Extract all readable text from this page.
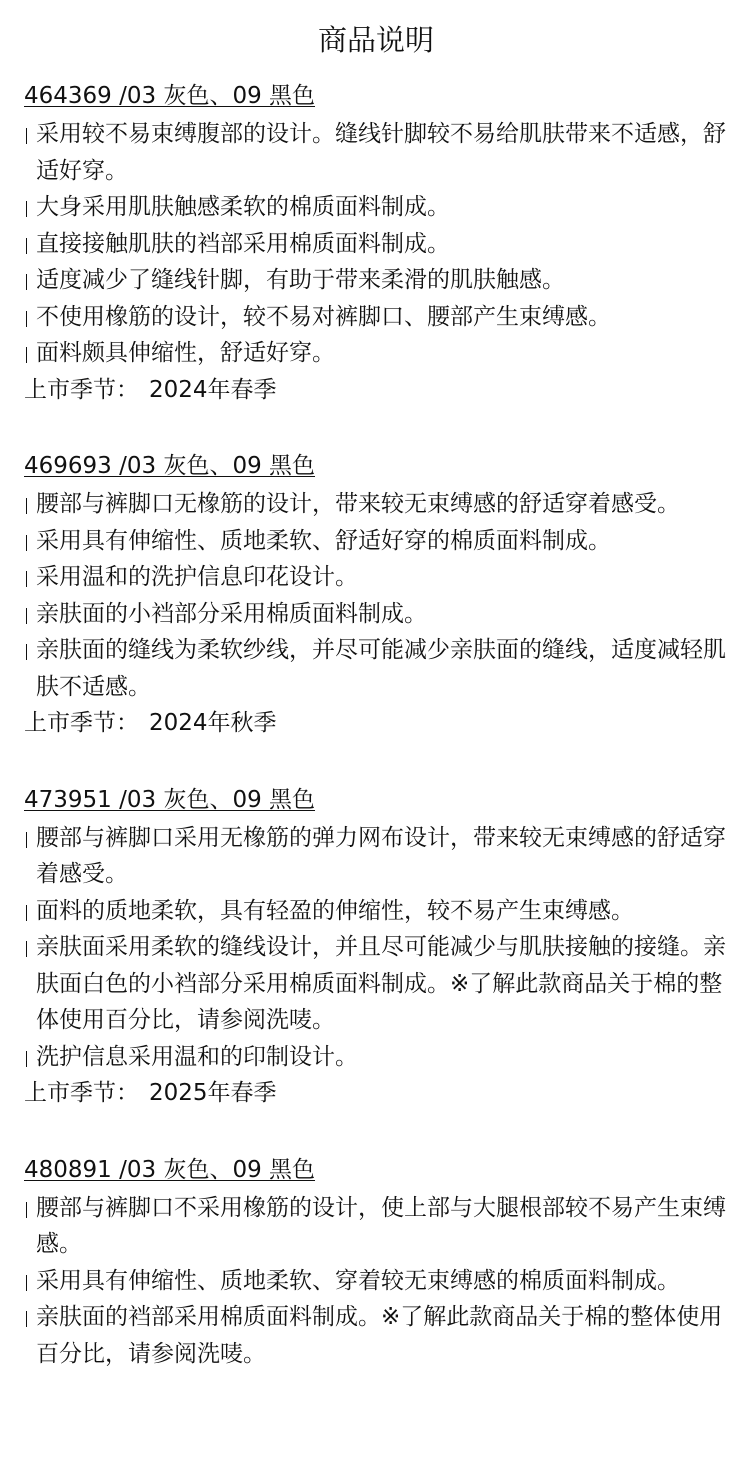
商品说明
464369 /03 灰色、09 黑色
采用较不易束缚腹部的设计。缝线针脚较不易给肌肤带来不适感，舒适好穿。
大身采用肌肤触感柔软的棉质面料制成。
直接接触肌肤的裆部采用棉质面料制成。
适度减少了缝线针脚，有助于带来柔滑的肌肤触感。
不使用橡筋的设计，较不易对裤脚口、腰部产生束缚感。
面料颇具伸缩性，舒适好穿。
上市季节： 2024年春季
469693 /03 灰色、09 黑色
腰部与裤脚口无橡筋的设计，带来较无束缚感的舒适穿着感受。
采用具有伸缩性、质地柔软、舒适好穿的棉质面料制成。
采用温和的洗护信息印花设计。
亲肤面的小裆部分采用棉质面料制成。
亲肤面的缝线为柔软纱线，并尽可能减少亲肤面的缝线，适度减轻肌肤不适感。
上市季节： 2024年秋季
473951 /03 灰色、09 黑色
腰部与裤脚口采用无橡筋的弹力网布设计，带来较无束缚感的舒适穿着感受。
面料的质地柔软，具有轻盈的伸缩性，较不易产生束缚感。
亲肤面采用柔软的缝线设计，并且尽可能减少与肌肤接触的接缝。亲肤面白色的小裆部分采用棉质面料制成。※了解此款商品关于棉的整体使用百分比，请参阅洗唛。
洗护信息采用温和的印制设计。
上市季节： 2025年春季
480891 /03 灰色、09 黑色
腰部与裤脚口不采用橡筋的设计，使上部与大腿根部较不易产生束缚感。
采用具有伸缩性、质地柔软、穿着较无束缚感的棉质面料制成。
亲肤面的裆部采用棉质面料制成。※了解此款商品关于棉的整体使用百分比，请参阅洗唛。
